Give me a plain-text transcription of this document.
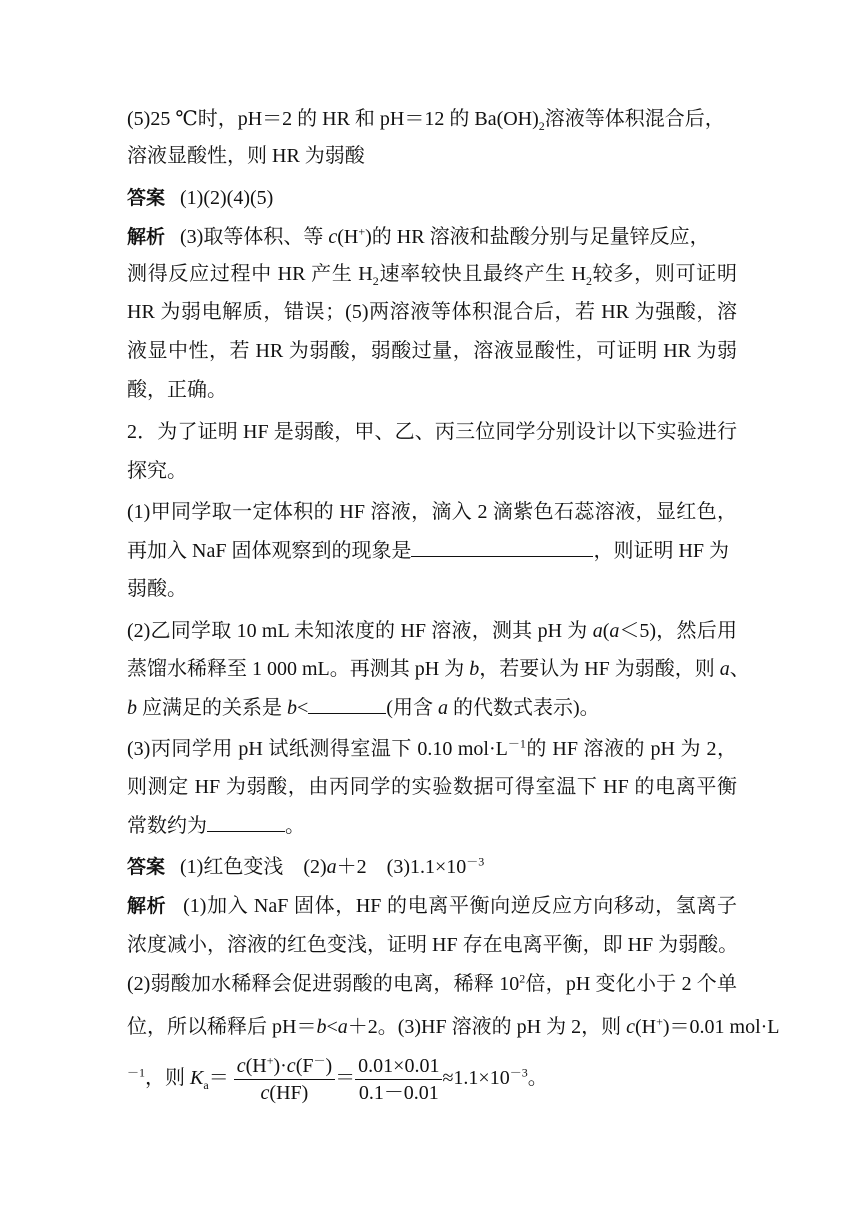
(5)25 ℃时，pH＝2 的 HR 和 pH＝12 的 $Ba(OH)_2$溶液等体积混合后，
溶液显酸性，则 HR 为弱酸
答案 (1)(2)(4)(5)
解析 (3)取等体积、等 c(H+)的 HR 溶液和盐酸分别与足量锌反应，
测得反应过程中 HR 产生 $H_2$速率较快且最终产生 $H_2$较多，则可证明
HR 为弱电解质，错误；(5)两溶液等体积混合后，若 HR 为强酸，溶
液显中性，若 HR 为弱酸，弱酸过量，溶液显酸性，可证明 HR 为弱
酸，正确。
2．为了证明 HF 是弱酸，甲、乙、丙三位同学分别设计以下实验进行
探究。
(1)甲同学取一定体积的 HF 溶液，滴入 2 滴紫色石蕊溶液，显红色，
再加入 NaF 固体观察到的现象是	，则证明 HF 为
弱酸。
(2)乙同学取 10 mL 未知浓度的 HF 溶液，测其 pH 为 a(a＜5)，然后用
蒸馏水稀释至 1 000 mL。再测其 pH 为 b，若要认为 HF 为弱酸，则 a、
b 应满足的关系是 b<	(用含 a 的代数式表示)。
(3)丙同学用 pH 试纸测得室温下 0.10 $mol\cdot L^{-1}$的 HF 溶液的 pH 为 2，
则测定 HF 为弱酸，由丙同学的实验数据可得室温下 HF 的电离平衡
常数约为	。
答案 (1)红色变浅　(2)a＋2　$(3)1.1\times 10^{-3}$
解析 (1)加入 NaF 固体，HF 的电离平衡向逆反应方向移动，氢离子
浓度减小，溶液的红色变浅，证明 HF 存在电离平衡，即 HF 为弱酸。
(2)弱酸加水稀释会促进弱酸的电离，稀释 $10^2$倍，pH 变化小于 2 个单
位，所以稀释后 pH＝b<a＋2。(3)HF 溶液的 pH 为 2，则 c(H+)＝0.01 mol·L
$^{-1}$，则 $K_a= \frac{c(H^+)\cdot c(F^-)}{c(HF)} = \frac{0.01\times 0.01}{0.1-0.01} \approx 1.1\times 10^{-3}$。
